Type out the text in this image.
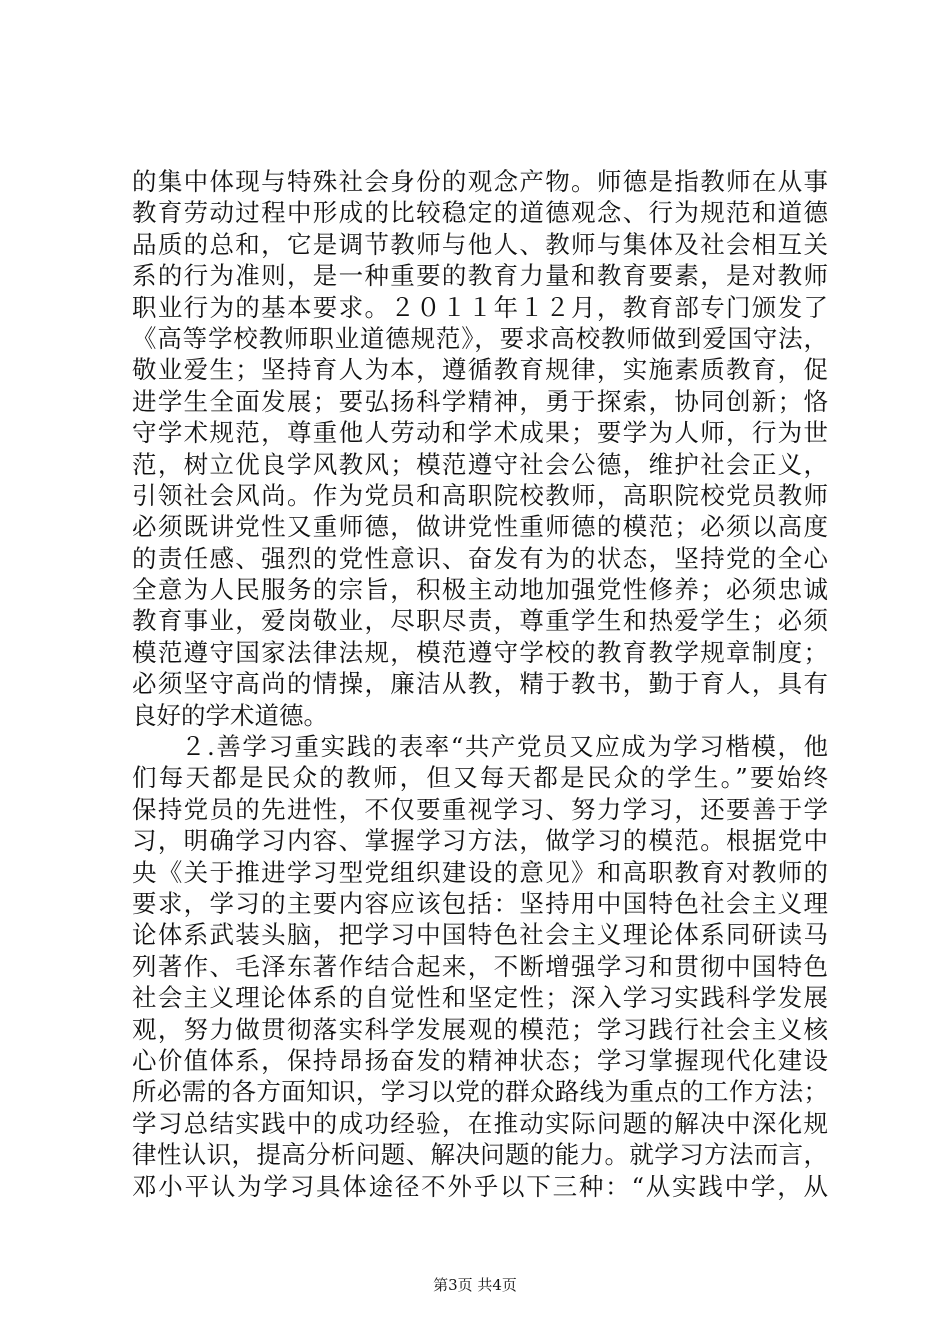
的集中体现与特殊社会身份的观念产物。师德是指教师在从事
教育劳动过程中形成的比较稳定的道德观念、行为规范和道德
品质的总和，它是调节教师与他人、教师与集体及社会相互关
系的行为准则，是一种重要的教育力量和教育要素，是对教师
职业行为的基本要求。２０１１年１２月，教育部专门颁发了
《高等学校教师职业道德规范》，要求高校教师做到爱国守法，
敬业爱生；坚持育人为本，遵循教育规律，实施素质教育，促
进学生全面发展；要弘扬科学精神，勇于探索，协同创新；恪
守学术规范，尊重他人劳动和学术成果；要学为人师，行为世
范，树立优良学风教风；模范遵守社会公德，维护社会正义，
引领社会风尚。作为党员和高职院校教师，高职院校党员教师
必须既讲党性又重师德，做讲党性重师德的模范；必须以高度
的责任感、强烈的党性意识、奋发有为的状态，坚持党的全心
全意为人民服务的宗旨，积极主动地加强党性修养；必须忠诚
教育事业，爱岗敬业，尽职尽责，尊重学生和热爱学生；必须
模范遵守国家法律法规，模范遵守学校的教育教学规章制度；
必须坚守高尚的情操，廉洁从教，精于教书，勤于育人，具有
良好的学术道德。
２.善学习重实践的表率“共产党员又应成为学习楷模，他
们每天都是民众的教师，但又每天都是民众的学生。”要始终
保持党员的先进性，不仅要重视学习、努力学习，还要善于学
习，明确学习内容、掌握学习方法，做学习的模范。根据党中
央《关于推进学习型党组织建设的意见》和高职教育对教师的
要求，学习的主要内容应该包括：坚持用中国特色社会主义理
论体系武装头脑，把学习中国特色社会主义理论体系同研读马
列著作、毛泽东著作结合起来，不断增强学习和贯彻中国特色
社会主义理论体系的自觉性和坚定性；深入学习实践科学发展
观，努力做贯彻落实科学发展观的模范；学习践行社会主义核
心价值体系，保持昂扬奋发的精神状态；学习掌握现代化建设
所必需的各方面知识，学习以党的群众路线为重点的工作方法；
学习总结实践中的成功经验，在推动实际问题的解决中深化规
律性认识，提高分析问题、解决问题的能力。就学习方法而言，
邓小平认为学习具体途径不外乎以下三种：“从实践中学，从
第3页 共4页
